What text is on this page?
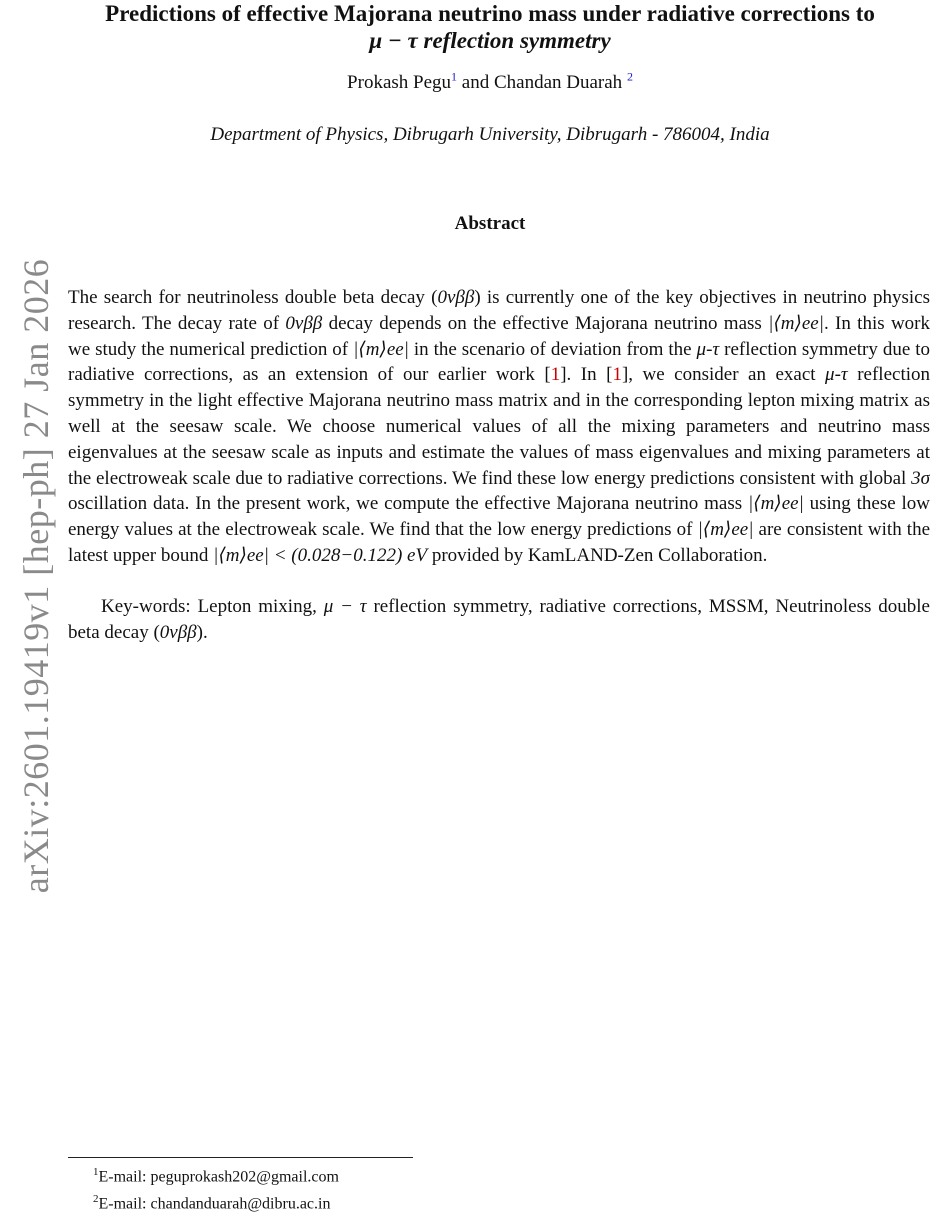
arXiv:2601.19419v1 [hep-ph] 27 Jan 2026
Predictions of effective Majorana neutrino mass under radiative corrections to
μ − τ reflection symmetry
Prokash Pegu$^1$ and Chandan Duarah $^2$
Department of Physics, Dibrugarh University, Dibrugarh - 786004, India
Abstract

The search for neutrinoless double beta decay (0νββ) is currently one of the key objectives in neutrino physics research. The decay rate of 0νββ decay depends on the effective Majorana neutrino mass |⟨m⟩ee|. In this work we study the numerical prediction of |⟨m⟩ee| in the scenario of deviation from the μ-τ reflection symmetry due to radiative corrections, as an extension of our earlier work [1]. In [1], we consider an exact μ-τ reflection symmetry in the light effective Majorana neutrino mass matrix and in the corresponding lepton mixing matrix as well at the seesaw scale. We choose numerical values of all the mixing parameters and neutrino mass eigenvalues at the seesaw scale as inputs and estimate the values of mass eigenvalues and mixing parameters at the electroweak scale due to radiative corrections. We find these low energy predictions consistent with global 3σ oscillation data. In the present work, we compute the effective Majorana neutrino mass |⟨m⟩ee| using these low energy values at the electroweak scale. We find that the low energy predictions of |⟨m⟩ee| are consistent with the latest upper bound |⟨m⟩ee| < (0.028−0.122) eV provided by KamLAND-Zen Collaboration.

Key-words: Lepton mixing, μ − τ reflection symmetry, radiative corrections, MSSM, Neutrinoless double beta decay (0νββ).

$^1$E-mail: peguprokash202@gmail.com
$^2$E-mail: chandanduarah@dibru.ac.in
